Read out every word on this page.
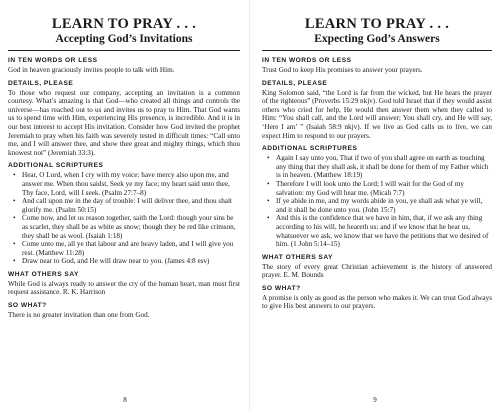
LEARN TO PRAY . . .

Accepting God’s Invitations

IN TEN WORDS OR LESS

God in heaven graciously invites people to talk with Him.

DETAILS, PLEASE

To those who request our company, accepting an invitation is a common courtesy. What’s amazing is that God—who created all things and controls the universe—has reached out to us and invites us to pray to Him. That God wants us to spend time with Him, experiencing His presence, is incredible. And it is in our best interest to accept His invitation. Consider how God invited the prophet Jeremiah to pray when his faith was severely tested in difficult times: “Call unto me, and I will answer thee, and show thee great and mighty things, which thou knowest not” (Jeremiah 33:3).

ADDITIONAL SCRIPTURES
• Hear, O Lord, when I cry with my voice: have mercy also upon me, and answer me. When thou saidst, Seek ye my face; my heart said unto thee, Thy face, Lord, will I seek. (Psalm 27:7–8)
• And call upon me in the day of trouble: I will deliver thee, and thou shalt glorify me. (Psalm 50:15)
• Come now, and let us reason together, saith the Lord: though your sins be as scarlet, they shall be as white as snow; though they be red like crimson, they shall be as wool. (Isaiah 1:18)
• Come unto me, all ye that labour and are heavy laden, and I will give you rest. (Matthew 11:28)
• Draw near to God, and He will draw near to you. (James 4:8 esv)
WHAT OTHERS SAY

While God is always ready to answer the cry of the human heart, man must first request assistance. R. K. Harrison

SO WHAT?

There is no greater invitation than one from God.

8

LEARN TO PRAY . . .

Expecting God’s Answers

IN TEN WORDS OR LESS

Trust God to keep His promises to answer your prayers.

DETAILS, PLEASE

King Solomon said, “the Lord is far from the wicked, but He hears the prayer of the righteous” (Proverbs 15:29 nkjv). God told Israel that if they would assist others who cried for help, He would then answer them when they called to Him: “You shall call, and the Lord will answer; You shall cry, and He will say, ‘Here I am’ ” (Isaiah 58:9 nkjv). If we live as God calls us to live, we can expect Him to respond to our prayers.

ADDITIONAL SCRIPTURES
• Again I say unto you, That if two of you shall agree on earth as touching any thing that they shall ask, it shall be done for them of my Father which is in heaven. (Matthew 18:19)
• Therefore I will look unto the Lord; I will wait for the God of my salvation: my God will hear me. (Micah 7:7)
• If ye abide in me, and my words abide in you, ye shall ask what ye will, and it shall be done unto you. (John 15:7)
• And this is the confidence that we have in him, that, if we ask any thing according to his will, he heareth us: and if we know that he hear us, whatsoever we ask, we know that we have the petitions that we desired of him. (1 John 5:14–15)
WHAT OTHERS SAY

The story of every great Christian achievement is the history of answered prayer. E. M. Bounds

SO WHAT?

A promise is only as good as the person who makes it. We can trust God always to give His best answers to our prayers.

9
